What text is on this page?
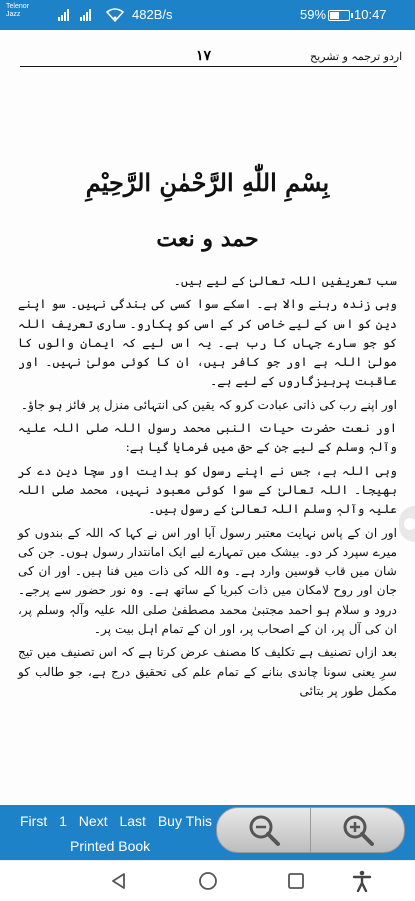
Telenor
Jazz	482B/s	59% 10:47
اردو ترجمہ و تشریح
۱۷
بِسْمِ اللّٰهِ الرَّحْمٰنِ الرَّحِيْمِ
حمد و نعت

سب تعریفیں اللہ تعالیٰ کے لیے ہیں۔

وہی زندہ رہنے والا ہے۔ اسکے سوا کسی کی بندگی نہیں۔ سو اپنے دین کو اس کے لیے خاص کر کے اسی کو پکارو۔ ساری تعریف اللہ کو جو سارے جہاں کا رب ہے۔ یہ اس لیے کہ ایمان والوں کا مولیٰ اللہ ہے اور جو کافر ہیں، ان کا کوئی مولیٰ نہیں۔ اور عاقبت پرہیزگاروں کے لیے ہے۔

اور اپنے رب کی ذاتی عبادت کرو کہ یقین کی انتہائی منزل پر فائز ہو جاؤ۔

اور نعت حضرت حیات النبی محمد رسول اللہ صلی اللہ علیہ وآلہٖ وسلم کے لیے جن کے حق میں فرمایا گیا ہے:

وہی اللہ ہے، جس نے اپنے رسول کو ہدایت اور سچا دین دے کر بھیجا۔ اللہ تعالیٰ کے سوا کوئی معبود نہیں، محمد صلی اللہ علیہ وآلہٖ وسلم اللہ تعالیٰ کے رسول ہیں۔

اور ان کے پاس نہایت معتبر رسول آیا اور اس نے کہا کہ اللہ کے بندوں کو میرے سپرد کر دو۔ بیشک میں تمہارے لیے ایک امانتدار رسول ہوں۔ جن کی شان میں قاب قوسین وارد ہے۔ وہ اللہ کی ذات میں فنا ہیں۔ اور ان کی جان اور روح لامکان میں ذات کبریا کے ساتھ ہے۔ وہ نور حضور سے پرجے۔ درود و سلام ہو احمد مجتبیٰ محمد مصطفیٰ صلی اللہ علیہ وآلہٖ وسلم پر، ان کی آل پر، ان کے اصحاب پر، اور ان کے تمام اہل بیت پر۔

بعد ازاں تصنیف ہے تکلیف کا مصنف عرض کرتا ہے کہ اس تصنیف میں تیج سرِ یعنی سونا چاندی بنانے کے تمام علم کی تحقیق درج ہے، جو طالب کو مکمل طور پر بتائی

First 1 Next Last Buy This
Printed Book
